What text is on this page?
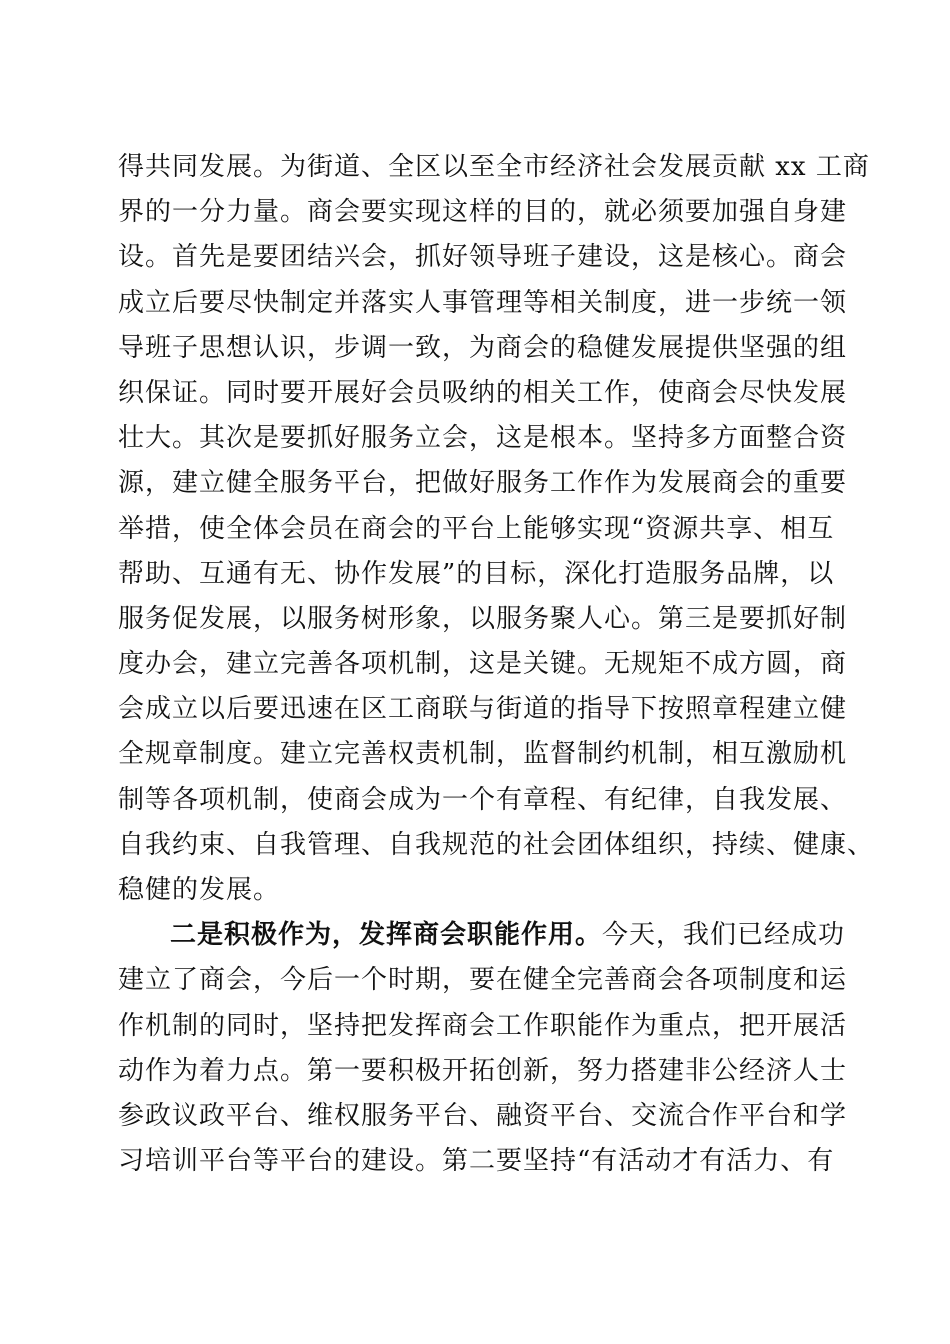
得共同发展。为街道、全区以至全市经济社会发展贡献 xx 工商
界的一分力量。商会要实现这样的目的，就必须要加强自身建
设。首先是要团结兴会，抓好领导班子建设，这是核心。商会
成立后要尽快制定并落实人事管理等相关制度，进一步统一领
导班子思想认识，步调一致，为商会的稳健发展提供坚强的组
织保证。同时要开展好会员吸纳的相关工作，使商会尽快发展
壮大。其次是要抓好服务立会，这是根本。坚持多方面整合资
源，建立健全服务平台，把做好服务工作作为发展商会的重要
举措，使全体会员在商会的平台上能够实现“资源共享、相互
帮助、互通有无、协作发展”的目标，深化打造服务品牌，以
服务促发展，以服务树形象，以服务聚人心。第三是要抓好制
度办会，建立完善各项机制，这是关键。无规矩不成方圆，商
会成立以后要迅速在区工商联与街道的指导下按照章程建立健
全规章制度。建立完善权责机制，监督制约机制，相互激励机
制等各项机制，使商会成为一个有章程、有纪律，自我发展、
自我约束、自我管理、自我规范的社会团体组织，持续、健康、
稳健的发展。
二是积极作为，发挥商会职能作用。今天，我们已经成功
建立了商会，今后一个时期，要在健全完善商会各项制度和运
作机制的同时，坚持把发挥商会工作职能作为重点，把开展活
动作为着力点。第一要积极开拓创新，努力搭建非公经济人士
参政议政平台、维权服务平台、融资平台、交流合作平台和学
习培训平台等平台的建设。第二要坚持“有活动才有活力、有
